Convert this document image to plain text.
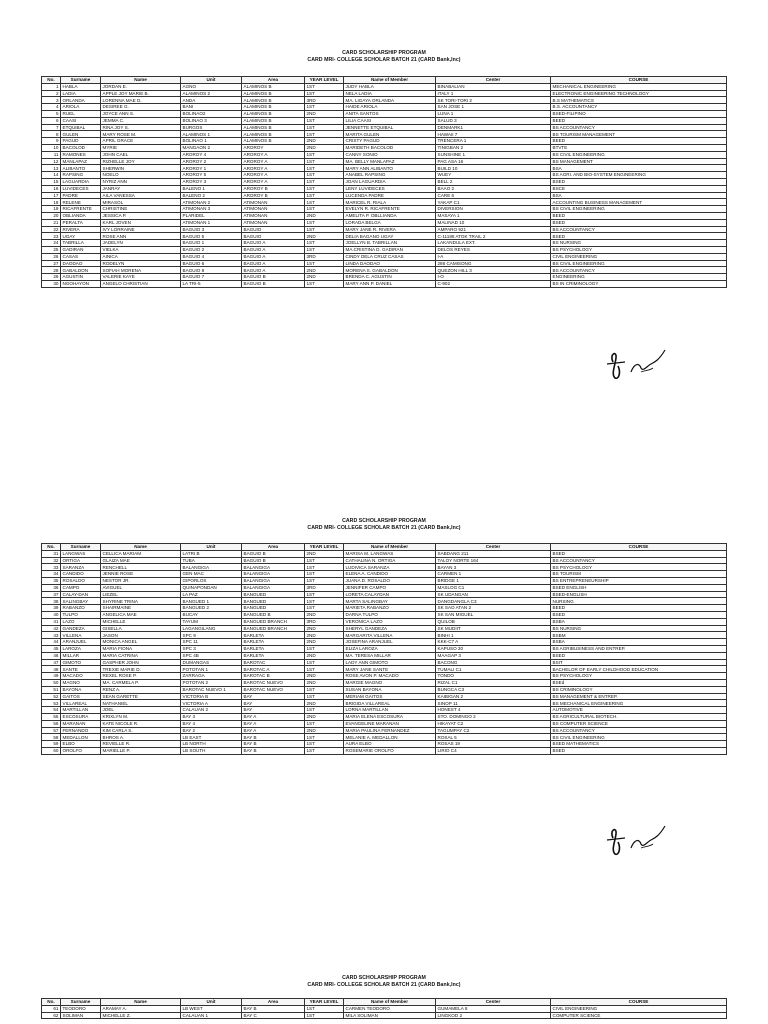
CARD SCHOLARSHIP PROGRAM
CARD MRI- COLLEGE SCHOLAR BATCH 21 (CARD Bank,Inc)
No.	Surname	Name	Unit	Area	YEAR LEVEL	Name of Member	Center	COURSE
1	HABLA	JORDAN E.	AGNO	ALAMINOS B	1ST	JUDY HABLA	BINABALIAN	MECHANICAL ENGINEERING
2	LADIA	APPLE JOY MARIE B.	ALAMINOS 2	ALAMINOS B	1ST	NELA LADIA	ITALY 1	ELECTRONIC ENGINEERING TECHNOLOGY
3	ORLANDA	LORENNA MAE D.	ANDA	ALAMINOS B	3RD	MA. LIGAYA ORLANDA	SK TORI-TORI 2	B.S MATHEMATICS
4	ARIOLA	DESIREE G.	BANI	ALAMINOS B	1ST	HAIDE ARIOLA	SAN JOSE 1	B.S. ACCOUNTANCY
5	RUEL	JOYCE ANN S.	BOLINAO2	ALAMINOS B	2ND	ANITA SANTOS	LUNA 1	BSED-FILIPINO
6	CAASI	JEMMA C.	BOLINAO 3	ALAMINOS B	1ST	LILIA CAASI	SALUD 3	BEED
7	ETQUIBAL	RINA JOY S.	BURGOS	ALAMINOS B	1ST	JENNETTE ETQUIBAL	DENMARK1	BS ACCOUNTANCY
8	GULEN	MARY ROSE M.	ALAMINOS 1	ALAMINOS B	1ST	MARITA GULEN	HAWAII 7	BS TOURISM MANAGEMENT
9	PAGUD	APRIL GRACE	BOLINAO 1	ALAMINOS B	2ND	CRISTY PAGUD	TRENCERA 1	BEED
10	BACOLOD	MYRIE	MANGAON 2	AROROY	2ND	MARIDETH BACOLOD	TINIGBAN 2	BTVTE
11	RAMONES	JOHN CAEL	AROROY 4	AROROY A	1ST	CANNY SONIO	SUNSHINE 1	BS CIVIL ENGINEERING
12	MANLAPAZ	RIZHELLE JOY	AROROY 2	AROROY A	1ST	MA. BELLY MANLAPAZ	PAG ASA 16	BS MANAGEMENT
13	ALIBANTO	SHERWIN	AROROY 1	AROROY A	1ST	MARY ANN ALIBANTO	BUILD 10	BSA
14	RAPSING	NOELO	AROROY 5	AROROY A	1ST	ANABEL RAPSING	WUEY	BS AGRI. AND BIO-SYSTEM ENGINEERING
15	LAGUARDIA	NYRIZ ANN	AROROY 3	AROROY A	1ST	JOAN LAGUARDIA	BELL 2	BSED
16	LUVIDECES	JANRAY	BALENO 1	AROROY B	1ST	LENY LUVIDECES	BAAO 2	BSCE
17	PADRE	AILA VANESSA	BALENO 2	AROROY B	1ST	LUCENDA PADRE	CARE 6	BSA
18	RELENE	MIRASOL	ATIMONAN 2	ATIMONAN	1ST	MARICEL R. RIALA	YAKAP C1	ACCOUNTING BUSINESS MANAGEMENT
19	RICAFRENTE	CHRISTINE	ATIMONAN 3	ATIMONAN	1ST	EVELYN R. RICAFRENTE	DIVERSION	BS CIVIL ENGINEERING
20	OBLIANDA	JESSICA P.	PLARIDEL	ATIMONAN	2ND	AMELITA P. OBLLIANDA	MASAYA 1	BEED
21	PERALTA	KARL JOVEN	ATIMONAN 1	ATIMONAN	1ST	LORADA BELGA	MALINAD 10	BSED
22	RIVERA	IVY LORRAINE	BAGUIO 3	BAGUIO	1ST	MARY JANE R. RIVERA	AMPARO 921	BS ACCOUNTANCY
23	UGAY	ROSE ANN	BAGUIO 5	BAGUIO	2ND	DELIA BAGANO UGAY	C-11188 ATOK TRAIL 2	BSED
24	TABRILLA	JADELYN	BAGUIO 1	BAGUIO A	1ST	JOELLYN B. TABRILLAN	LAKANDULA EXT.	BS NURSING
25	GADIRAN	VIELKA	BAGUIO 2	BAGUIO A	1ST	MA.CRISTINA D. GADIRAN	DELOS REYES	BS PSYCHOLOGY
26	CASAS	AINICA	BAGUIO 4	BAGUIO A	3RD	CINDY DELA CRUZ CASAS	I-A	CIVIL ENGINEERING
27	DAODAO	RODELYN	BAGUIO 6	BAGUIO A	1ST	LINDA DAODAO	286 CAMISONG	BS CIVIL ENGINEERING
28	GABALDON	SOFIAH MORENA	BAGUIO 8	BAGUIO A	2ND	MORENA S. GABALDON	QUEZON HILL 3	BS ACCOUNTANCY
29	AGUSTIN	VALERIE KAYE	BAGUIO 7	BAGUIO B	2ND	BRENDA C. AGUSTIN	I-O	ENGINEERING
30	NGOHAYON	ANGELO CHRISTIAN	LA TRI-5	BAGUIO B	1ST	MARY ANN P. DANIEL	C-902	BS IN CRIMINOLOGY
CARD SCHOLARSHIP PROGRAM
CARD MRI- COLLEGE SCHOLAR BATCH 21 (CARD Bank,Inc)
No.	Surname	Name	Unit	Area	YEAR LEVEL	Name of Member	Center	COURSE
31	LANGWAS	CELLICA MARIAM	LATRI B	BAGUIO B	2ND	MARISA M. LANGWAS	SABDANG 211	BSED
32	ORTIGA	GLAIZA MAE	TUBA	BAGUIO B	1ST	CATHALINA N. ORTIGA	TALOY NORTE 164	BS ACCOUNTANCY
33	SARANZA	RENCHELL	BALANGIGA	BALANGIGA	1ST	LUDIVICA SARANZA	BAYAN 3	BS PSYCHOLOGY
34	CANDIDO	JENNIE ROSE	GEN MAC	BALANGIGA	1ST	ELENA A. CANDIDO	CARMEN 1	BS TOURISM
35	ROSALDO	NESTOR JR.	GIPORLOS	BALANGIGA	1ST	JUANA D. ROSALDO	BRIDGE 1	BS ENTREPRENEURSHIP
36	CAMPO	AVIGUEL	QUINAPONDAN	BALANGIGA	3RD	JENNIFER CAMPO	MASLOG C1	BSED ENGLISH
37	CALAY-DAN	LIEZEL	LA PAZ	BANGUED	1ST	LORETA CALAYDAN	SK UDANGAN	BSED-ENGLISH
38	SALINGBAY	SHYRINE TRINA	BANGUED 1	BANGUED	1ST	MARTA SALINGBAY	DANGDANGLA C3	NURSING
39	RABANZO	SHAIRMAINE	BANGUED 2	BANGUED	1ST	MARIETA RABANZO	SK SAO ATAN 2	BEED
40	TULPO	ANGELICA MAE	BUCAY	BANGUED B	2ND	DARNA TULPO	SK SAN MIGUEL	BSED
41	LAZO	MICHELLE	TAYUM	BANGUED BRANCH	3RD	VERONICA LAZO	QUILOB	BSBA
42	GANDEZA	GISELLA	LAGANGILANG	BANGUED BRANCH	2ND	SHERYL GANDEZA	SK MUDIIT	BS NURSING
43	VILLENA	JASON	SPC 9	BARLETA	2ND	MARGARITA VILLENA	BINHI 1	BSBM
44	ARANJUEL	MONICA ANGEL	SPC 11	BARLETA	2ND	JOSEFINA ARANJUEL	KKK-C7 A	BSBA
45	LAROZA	MARIA FIONA	SPC 3	BARLETA	1ST	ELIZA LAROZA	KAPUSO 30	BS AGRIBUSINESS AND ENTREP.
46	MILLAR	MARIA CATRINA	SPC 4B	BARLETA	2ND	MA. TERESA MILLAR	MAAGAP 3	BSED
47	GIMOTO	GASPHER JOHN	DUMANGAS	BAROTAC	1ST	LADY ANN GIMOTO	BACONG	BSIT
48	SANTE	TREXIE MARIE D.	POTOTAN 1	BAROTAC A	1ST	MARY JANE SANTE	TUMALI C1	BACHELOR OF EARLY CHILDHOOD EDUCATION
49	MACADO	REXEL ROSE P.	ZARRAGA	BAROTAC B	2ND	ROSE AVON P. MACADO	TONDO	BS PSYCHOLOGY
50	MAGNO	MA. CARMELA P.	POTOTAN 2	BAROTAC NUEVO	2ND	MARGIE MAGNO	RIZAL C1	BSEd
51	BAYONA	RENZ A.	BAROTAC NUEVO 1	BAROTAC NUEVO	1ST	SUSAN BAYONA	BUNGCA C3	BS CRIMINOLOGY
52	GAITOS	SEAN GARETTE	VICTORIA B	BAY	1ST	MERIAM GAITOS	KAIBIGAN 2	BS MANAGEMENT & ENTREP.
53	VILLAREAL	NATHANIEL	VICTORIA A	BAY	2ND	BRIGIDA VILLAREAL	SINOP 11	BS MECHANICAL ENGINEERING
54	MARTILLAN	JOEL	CALAUAN 2	BAY	1ST	LORNA MARTILLAN	HONEST 4	AUTOMOTIVE
55	ESCOSURA	KRIXLYN M.	BAY 3	BAY A	2ND	MARIA ELENA ESCOSURA	STO. DOMINGO 2	BS AGRICULTURAL BIOTECH.
56	MARANAN	KATE NICOLE R.	BAY 4	BAY A	1ST	EVANGELINE MARANAN	HIKAYAT C2	BS COMPUTER SCIENCE
57	FERNANDO	KIM CARLA S.	BAY 2	BAY A	2ND	MARIA PAULINA FERNANDEZ	TAGUMPAY C2	BS ACCOUNTANCY
58	MEDALLON	BHROS A.	LB EAST	BAY B	1ST	MELANIE A. MEDALLON	ROSAL 5	BS CIVIL ENGINEERING
59	ELBO	REVIELLE R.	LB NORTH	BAY B	1ST	AURA ELBO	ROSAS 19	BSED MATHEMATICS
60	OROLFO	MARIELLE P.	LB SOUTH	BAY B	1ST	ROSEMARIE OROLFO	LIRIO C4	BSED
CARD SCHOLARSHIP PROGRAM
CARD MRI- COLLEGE SCHOLAR BATCH 21 (CARD Bank,Inc)
No.	Surname	Name	Unit	Area	YEAR LEVEL	Name of Member	Center	COURSE
61	TEODORO	ARAMAY A.	LB WEST	BAY B	1ST	CARMEN TEODORO	GUMAMELA 8	CIVIL ENGINEERING
62	SOLIMAN	MICHELLE Z.	CALAUAN 1	BAY C	1ST	MILA SOLIMAN	LINGKOD 2	COMPUTER SCIENCE
